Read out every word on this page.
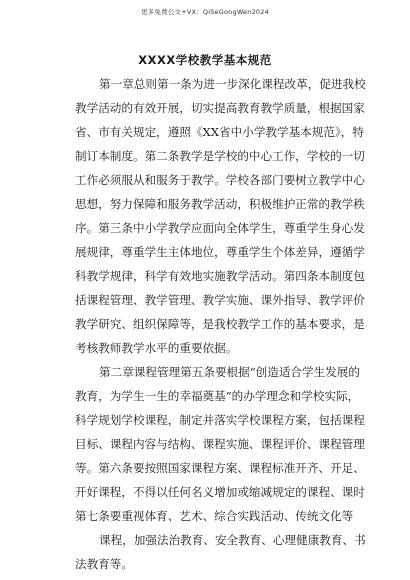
更多免费公文+VX：QiSeGongWen2024
XXXX学校教学基本规范
第一章总则第一条为进一步深化课程改革，促进我校
教学活动的有效开展，切实提高教育教学质量，根据国家
省、市有关规定，遵照《XX省中小学教学基本规范》，特
制订本制度。第二条教学是学校的中心工作，学校的一切
工作必须服从和服务于教学。学校各部门要树立教学中心
思想，努力保障和服务教学活动，积极维护正常的教学秩
序。第三条中小学教学应面向全体学生，尊重学生身心发
展规律，尊重学生主体地位，尊重学生个体差异，遵循学
科教学规律，科学有效地实施教学活动。第四条本制度包
括课程管理、教学管理、教学实施、课外指导、教学评价
教学研究、组织保障等，是我校教学工作的基本要求，是
考核教师教学水平的重要依据。
第二章课程管理第五条要根据“创造适合学生发展的
教育，为学生一生的幸福奠基”的办学理念和学校实际，
科学规划学校课程，制定并落实学校课程方案，包括课程
目标、课程内容与结构、课程实施、课程评价、课程管理
等。第六条要按照国家课程方案、课程标准开齐、开足、
开好课程，不得以任何名义增加或缩减规定的课程、课时
第七条要重视体育、艺术、综合实践活动、传统文化等
课程，加强法治教育、安全教育、心理健康教育、书
法教育等。
